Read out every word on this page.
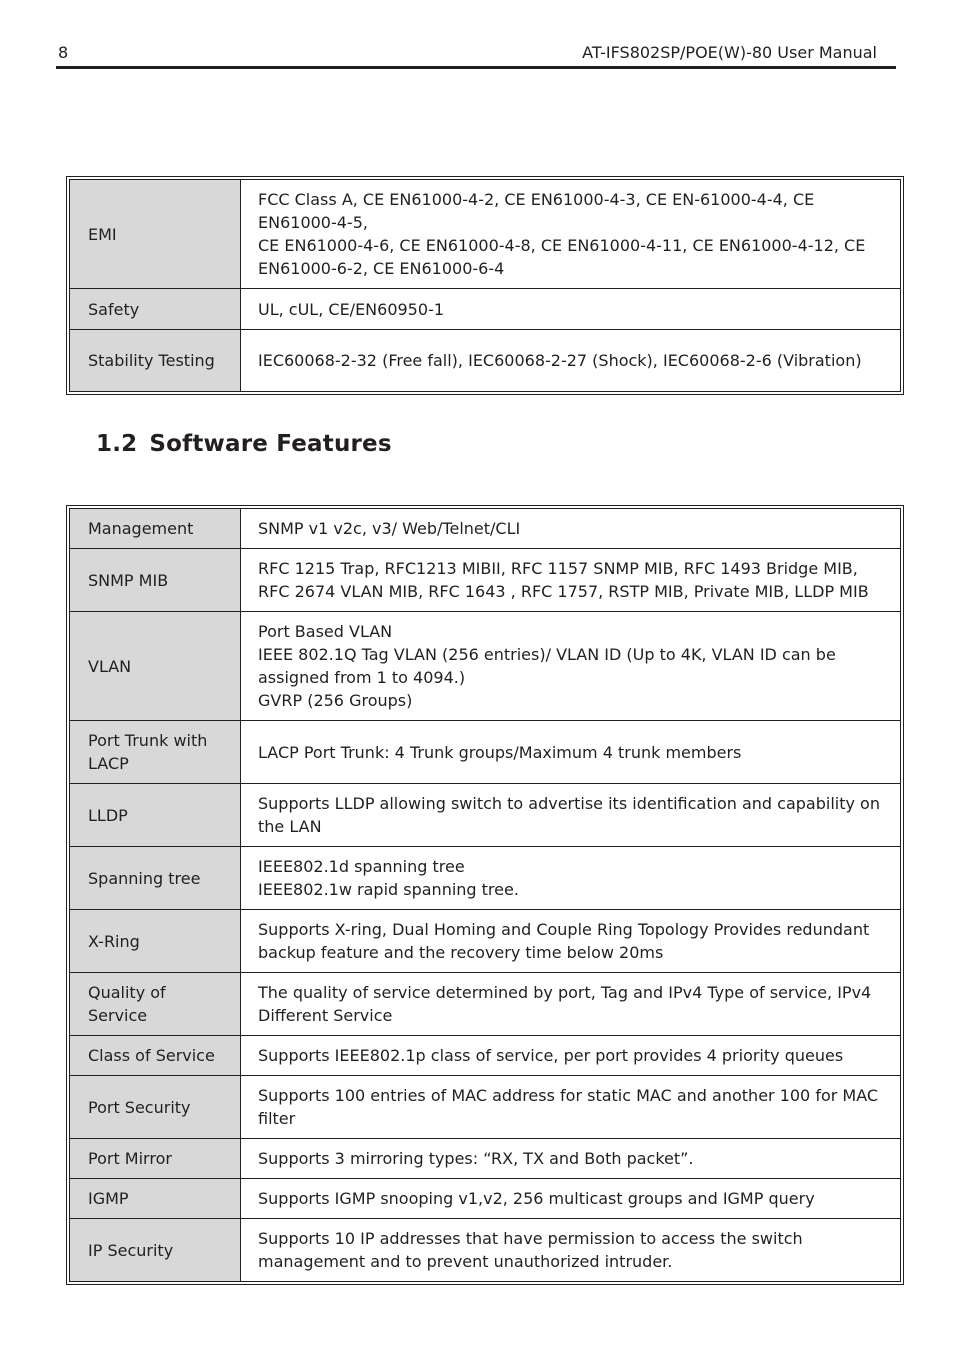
8	AT-IFS802SP/POE(W)-80 User Manual
EMI	FCC Class A, CE EN61000-4-2, CE EN61000-4-3, CE EN-61000-4-4, CE EN61000-4-5,
CE EN61000-4-6, CE EN61000-4-8, CE EN61000-4-11, CE EN61000-4-12, CE EN61000-6-2, CE EN61000-6-4

Safety	UL, cUL, CE/EN60950-1

Stability Testing	IEC60068-2-32 (Free fall), IEC60068-2-27 (Shock), IEC60068-2-6 (Vibration)
1.2 Software Features
Management	SNMP v1 v2c, v3/ Web/Telnet/CLI

SNMP MIB	RFC 1215 Trap, RFC1213 MIBII, RFC 1157 SNMP MIB, RFC 1493 Bridge MIB, RFC 2674 VLAN MIB, RFC 1643 , RFC 1757, RSTP MIB, Private MIB, LLDP MIB

VLAN	Port Based VLAN
IEEE 802.1Q Tag VLAN (256 entries)/ VLAN ID (Up to 4K, VLAN ID can be assigned from 1 to 4094.)
GVRP (256 Groups)

Port Trunk with LACP	LACP Port Trunk: 4 Trunk groups/Maximum 4 trunk members

LLDP	Supports LLDP allowing switch to advertise its identification and capability on the LAN

Spanning tree	IEEE802.1d spanning tree
IEEE802.1w rapid spanning tree.

X-Ring	Supports X-ring, Dual Homing and Couple Ring Topology Provides redundant backup feature and the recovery time below 20ms

Quality of Service	The quality of service determined by port, Tag and IPv4 Type of service, IPv4 Different Service

Class of Service	Supports IEEE802.1p class of service, per port provides 4 priority queues

Port Security	Supports 100 entries of MAC address for static MAC and another 100 for MAC filter

Port Mirror	Supports 3 mirroring types: “RX, TX and Both packet”.

IGMP	Supports IGMP snooping v1,v2, 256 multicast groups and IGMP query

IP Security	Supports 10 IP addresses that have permission to access the switch management and to prevent unauthorized intruder.
